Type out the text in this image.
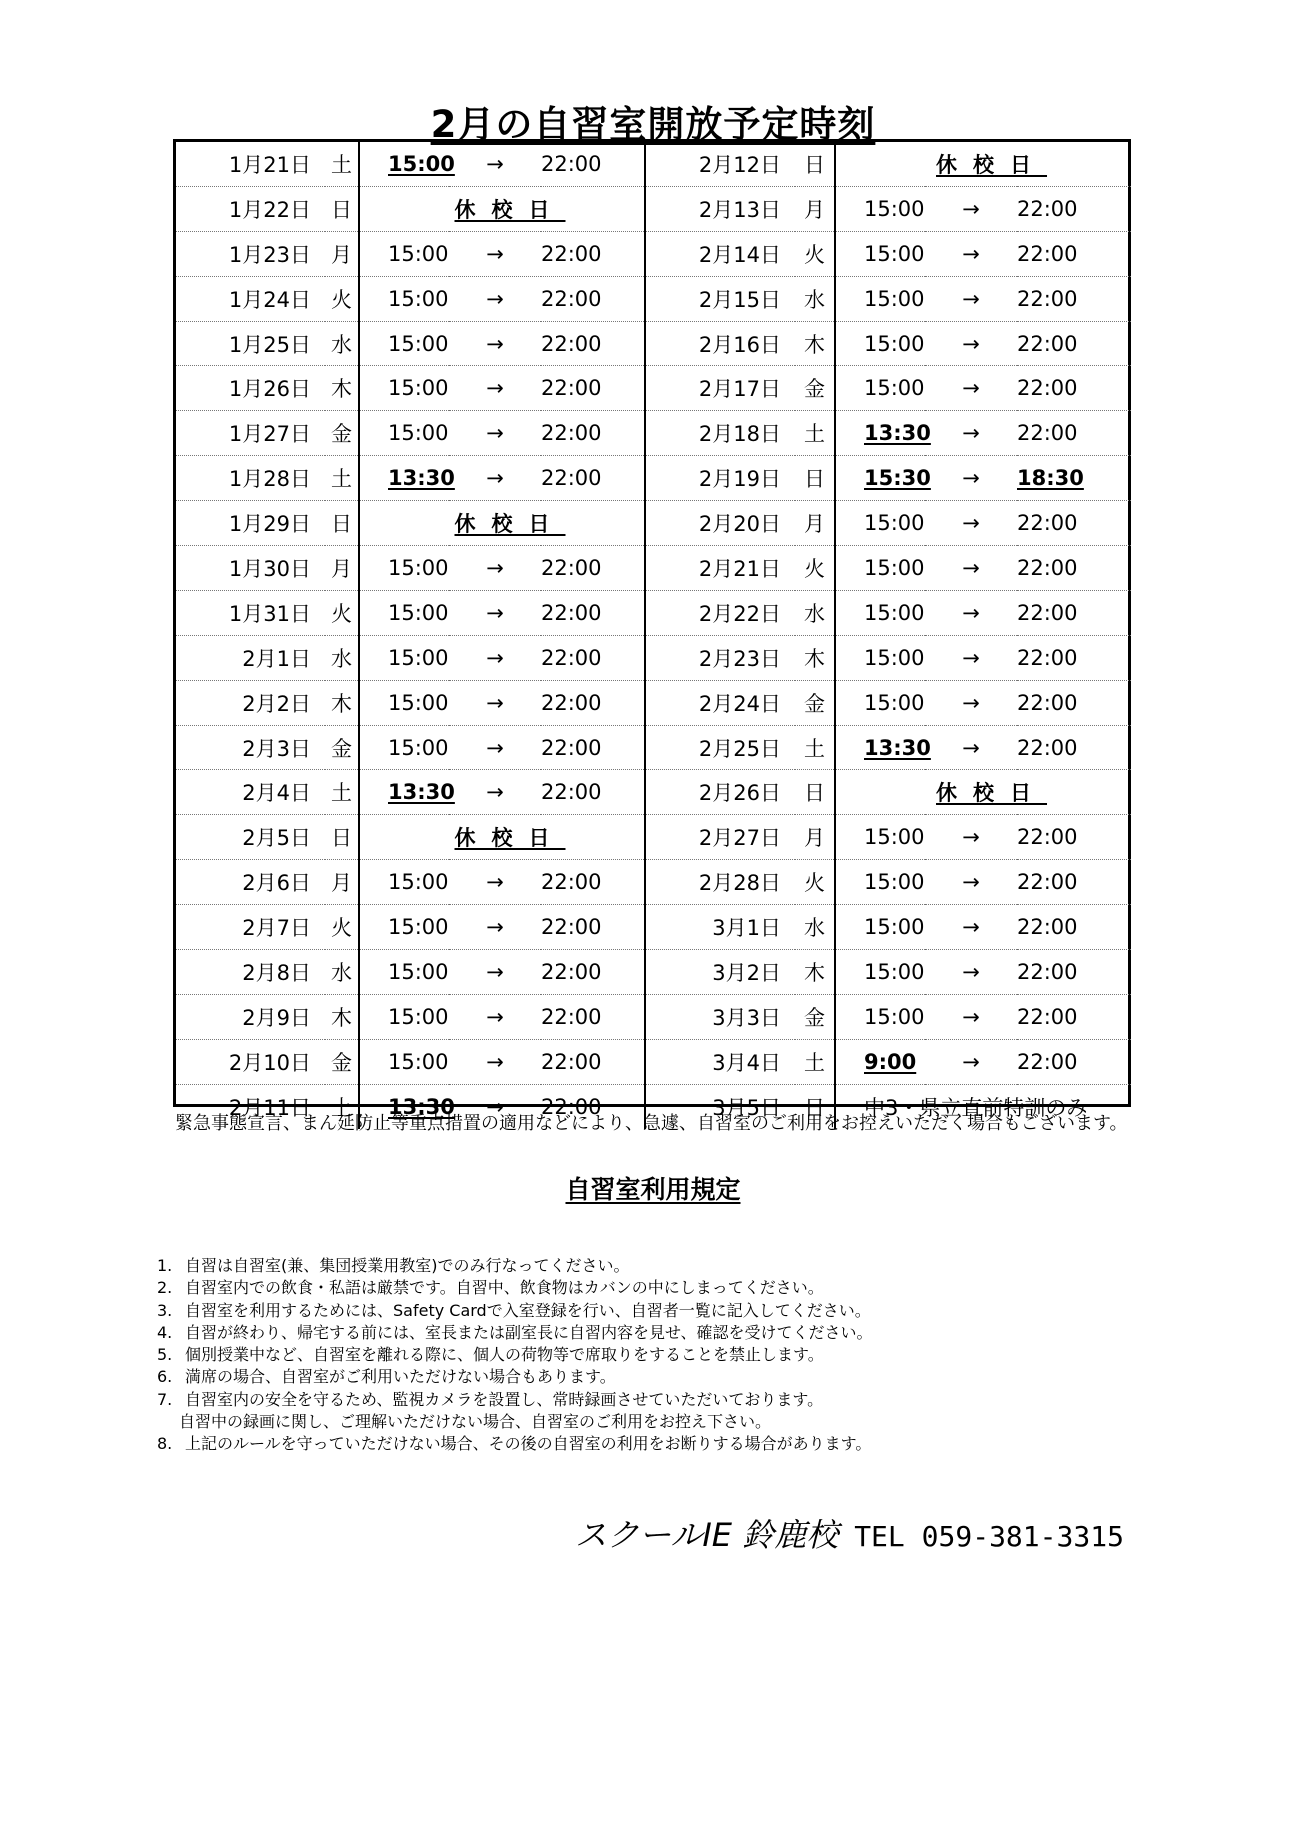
2月の自習室開放予定時刻
1月21日	土	15:00	→	22:00	2月12日	日	休校日		
1月22日	日	休校日			2月13日	月	15:00	→	22:00
1月23日	月	15:00	→	22:00	2月14日	火	15:00	→	22:00
1月24日	火	15:00	→	22:00	2月15日	水	15:00	→	22:00
1月25日	水	15:00	→	22:00	2月16日	木	15:00	→	22:00
1月26日	木	15:00	→	22:00	2月17日	金	15:00	→	22:00
1月27日	金	15:00	→	22:00	2月18日	土	13:30	→	22:00
1月28日	土	13:30	→	22:00	2月19日	日	15:30	→	18:30
1月29日	日	休校日			2月20日	月	15:00	→	22:00
1月30日	月	15:00	→	22:00	2月21日	火	15:00	→	22:00
1月31日	火	15:00	→	22:00	2月22日	水	15:00	→	22:00
2月1日	水	15:00	→	22:00	2月23日	木	15:00	→	22:00
2月2日	木	15:00	→	22:00	2月24日	金	15:00	→	22:00
2月3日	金	15:00	→	22:00	2月25日	土	13:30	→	22:00
2月4日	土	13:30	→	22:00	2月26日	日	休校日		
2月5日	日	休校日			2月27日	月	15:00	→	22:00
2月6日	月	15:00	→	22:00	2月28日	火	15:00	→	22:00
2月7日	火	15:00	→	22:00	3月1日	水	15:00	→	22:00
2月8日	水	15:00	→	22:00	3月2日	木	15:00	→	22:00
2月9日	木	15:00	→	22:00	3月3日	金	15:00	→	22:00
2月10日	金	15:00	→	22:00	3月4日	土	9:00	→	22:00
2月11日	土	13:30	→	22:00	3月5日	日	中3・県立直前特訓のみ		
緊急事態宣言、まん延防止等重点措置の適用などにより、急遽、自習室のご利用をお控えいただく場合もございます。
自習室利用規定
1. 自習は自習室(兼、集団授業用教室)でのみ行なってください。
2. 自習室内での飲食・私語は厳禁です。自習中、飲食物はカバンの中にしまってください。
3. 自習室を利用するためには、Safety Cardで入室登録を行い、自習者一覧に記入してください。
4. 自習が終わり、帰宅する前には、室長または副室長に自習内容を見せ、確認を受けてください。
5. 個別授業中など、自習室を離れる際に、個人の荷物等で席取りをすることを禁止します。
6. 満席の場合、自習室がご利用いただけない場合もあります。
7. 自習室内の安全を守るため、監視カメラを設置し、常時録画させていただいております。
自習中の録画に関し、ご理解いただけない場合、自習室のご利用をお控え下さい。
8. 上記のルールを守っていただけない場合、その後の自習室の利用をお断りする場合があります。
スクールIE 鈴鹿校 TEL 059-381-3315
